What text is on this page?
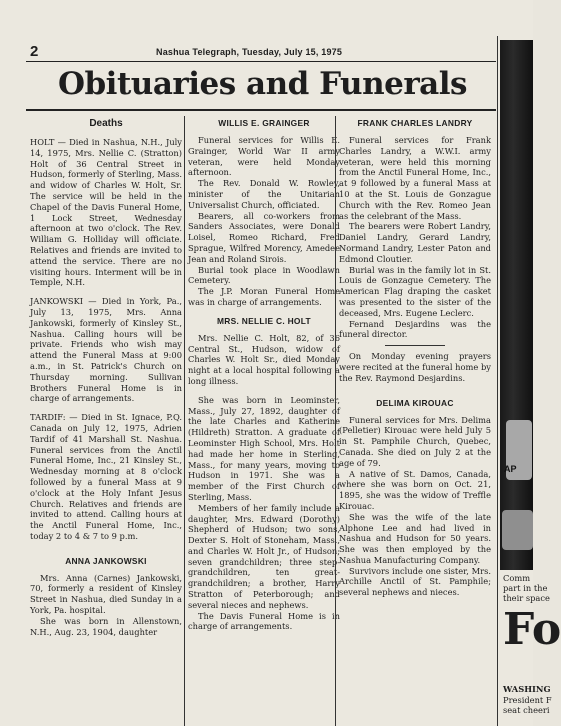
2	Nashua Telegraph, Tuesday, July 15, 1975
Obituaries and Funerals
Deaths

HOLT — Died in Nashua, N.H., July 14, 1975, Mrs. Nellie C. (Stratton) Holt of 36 Central Street in Hudson, formerly of Sterling, Mass. and widow of Charles W. Holt, Sr. The service will be held in the Chapel of the Davis Funeral Home, 1 Lock Street, Wednesday afternoon at two o'clock. The Rev. William G. Holliday will officiate. Relatives and friends are invited to attend the service. There are no visiting hours. Interment will be in Temple, N.H.

JANKOWSKI — Died in York, Pa., July 13, 1975, Mrs. Anna Jankowski, formerly of Kinsley St., Nashua. Calling hours will be private. Friends who wish may attend the Funeral Mass at 9:00 a.m., in St. Patrick's Church on Thursday morning. Sullivan Brothers Funeral Home is in charge of arrangements.

TARDIF: — Died in St. Ignace, P.Q. Canada on July 12, 1975, Adrien Tardif of 41 Marshall St. Nashua. Funeral services from the Anctil Funeral Home, Inc., 21 Kinsley St., Wednesday morning at 8 o'clock followed by a funeral Mass at 9 o'clock at the Holy Infant Jesus Church. Relatives and friends are invited to attend. Calling hours at the Anctil Funeral Home, Inc., today 2 to 4 & 7 to 9 p.m.

ANNA JANKOWSKI

Mrs. Anna (Carnes) Jankowski, 70, formerly a resident of Kinsley Street in Nashua, died Sunday in a York, Pa. hospital.

She was born in Allenstown, N.H., Aug. 23, 1904, daughter

WILLIS E. GRAINGER

Funeral services for Willis E. Grainger, World War II army veteran, were held Monday afternoon.

The Rev. Donald W. Rowley, minister of the Unitarian Universalist Church, officiated.

Bearers, all co-workers from Sanders Associates, were Donald Loisel, Romeo Richard, Fred Sprague, Wilfred Morency, Amedee Jean and Roland Sirois.

Burial took place in Woodlawn Cemetery.

The J.P. Moran Funeral Home was in charge of arrangements.

MRS. NELLIE C. HOLT

Mrs. Nellie C. Holt, 82, of 36 Central St., Hudson, widow of Charles W. Holt Sr., died Monday night at a local hospital following a long illness.

She was born in Leominster, Mass., July 27, 1892, daughter of the late Charles and Katherine (Hildreth) Stratton. A graduate of Leominster High School, Mrs. Holt had made her home in Sterling, Mass., for many years, moving to Hudson in 1971. She was a member of the First Church of Sterling, Mass.

Members of her family include a daughter, Mrs. Edward (Dorothy) Shepherd of Hudson; two sons, Dexter S. Holt of Stoneham, Mass., and Charles W. Holt Jr., of Hudson; seven grandchildren; three step-grandchildren, ten great-grandchildren; a brother, Harry Stratton of Peterborough; and several nieces and nephews.

The Davis Funeral Home is in charge of arrangements.

FRANK CHARLES LANDRY

Funeral services for Frank Charles Landry, a W.W.I. army veteran, were held this morning from the Anctil Funeral Home, Inc., at 9 followed by a funeral Mass at 10 at the St. Louis de Gonzague Church with the Rev. Romeo Jean as the celebrant of the Mass.

The bearers were Robert Landry, Daniel Landry, Gerard Landry, Normand Landry, Lester Paton and Edmond Cloutier.

Burial was in the family lot in St. Louis de Gonzague Cemetery. The American Flag draping the casket was presented to the sister of the deceased, Mrs. Eugene Leclerc.

Fernand Desjardins was the funeral director.

On Monday evening prayers were recited at the funeral home by the Rev. Raymond Desjardins.

DELIMA KIROUAC

Funeral services for Mrs. Delima (Pelletier) Kirouac were held July 5 in St. Pamphile Church, Quebec, Canada. She died on July 2 at the age of 79.

A native of St. Damos, Canada, where she was born on Oct. 21, 1895, she was the widow of Treffle Kirouac.

She was the wife of the late Alphone Lee and had lived in Nashua and Hudson for 50 years. She was then employed by the Nashua Manufacturing Company.

Survivors include one sister, Mrs. Archille Anctil of St. Pamphile; several nephews and nieces.

AP
Comm
part in the
their space
Fo
WASHING
President F
seat cheeri
